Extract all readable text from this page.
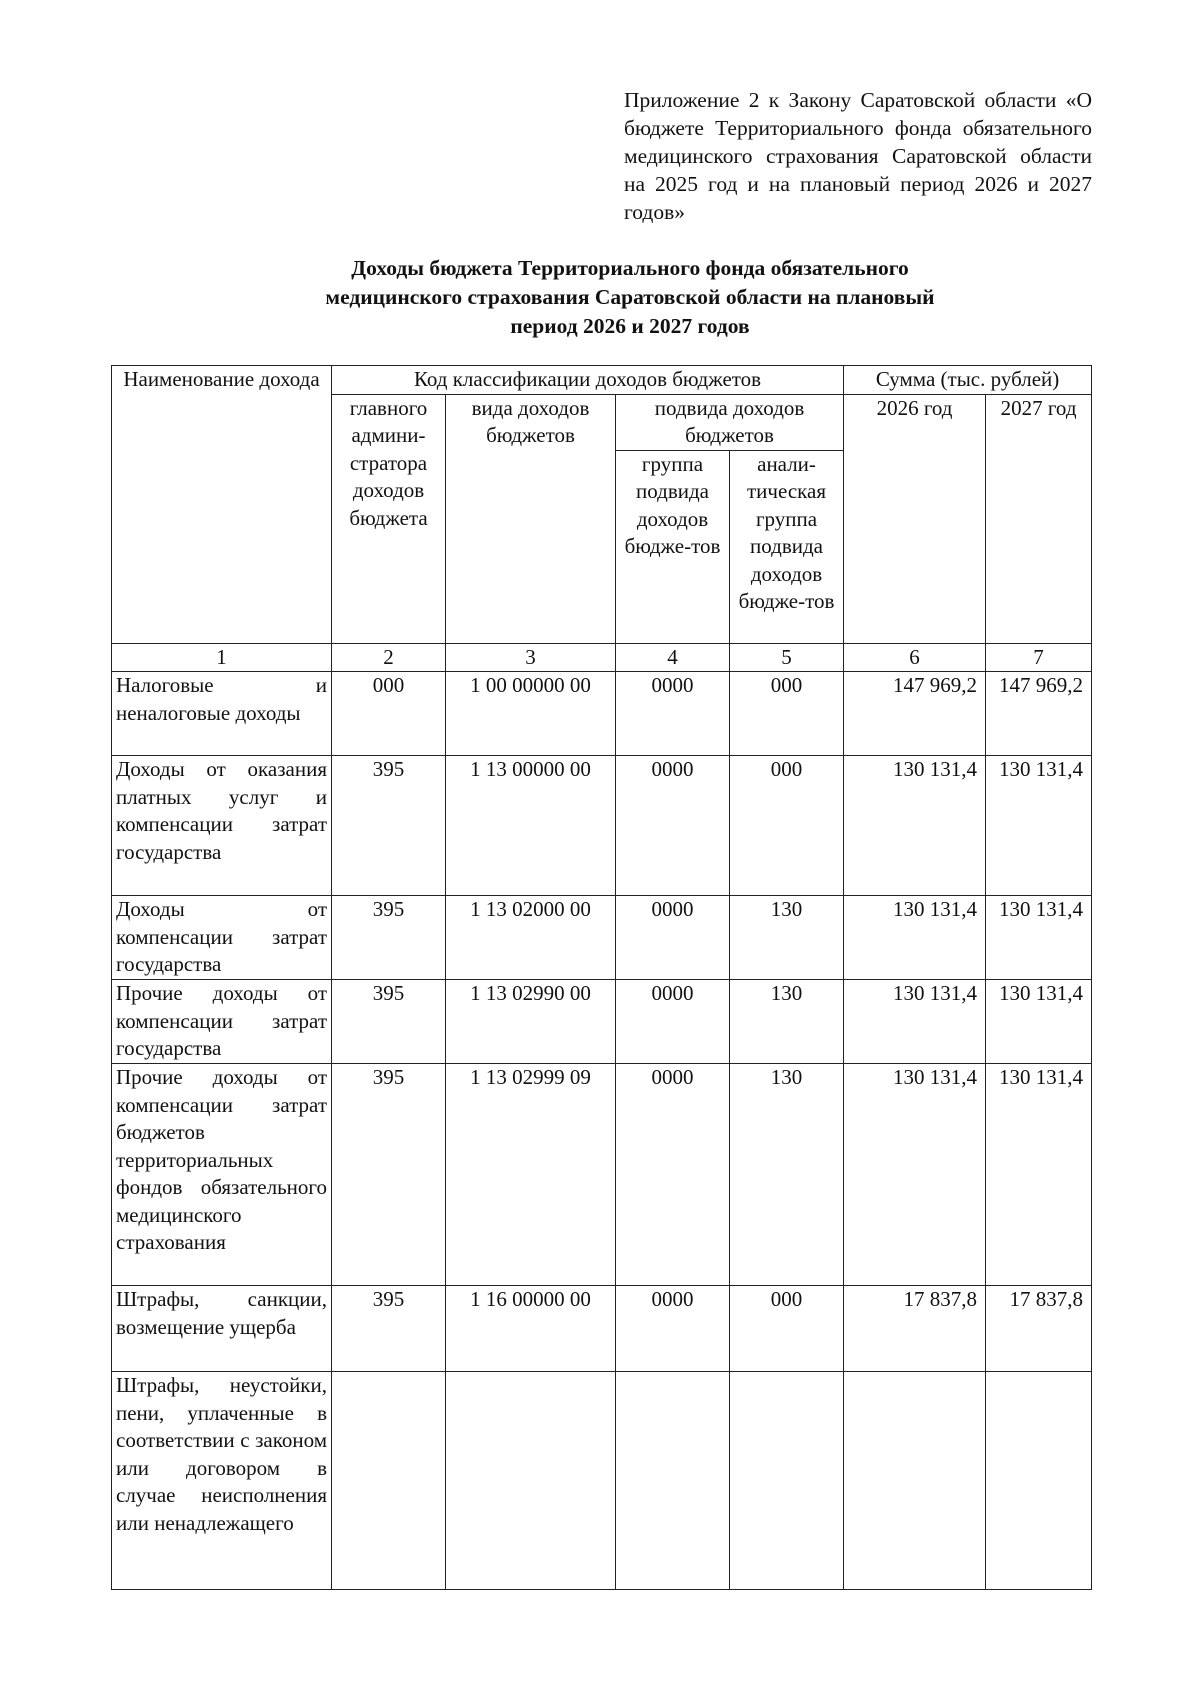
Приложение 2 к Закону Саратовской области «О бюджете Территориального фонда обязательного медицинского страхования Саратовской области на 2025 год и на плановый период 2026 и 2027 годов»
Доходы бюджета Территориального фонда обязательного
медицинского страхования Саратовской области на плановый
период 2026 и 2027 годов
Наименование дохода	Код классификации доходов бюджетов				Сумма (тыс. рублей)	
	главного админи-стратора доходов бюджета	вида доходов бюджетов	подвида доходов бюджетов		2026 год	2027 год
			группа подвида доходов бюдже-тов	анали-тическая группа подвида доходов бюдже-тов		
1	2	3	4	5	6	7
Налоговые и неналоговые доходы	000	1 00 00000 00	0000	000	147 969,2	147 969,2
Доходы от оказания платных услуг и компенсации затрат государства	395	1 13 00000 00	0000	000	130 131,4	130 131,4
Доходы от компенсации затрат государства	395	1 13 02000 00	0000	130	130 131,4	130 131,4
Прочие доходы от компенсации затрат государства	395	1 13 02990 00	0000	130	130 131,4	130 131,4
Прочие доходы от компенсации затрат бюджетов территориальных фондов обязательного медицинского страхования	395	1 13 02999 09	0000	130	130 131,4	130 131,4
Штрафы, санкции, возмещение ущерба	395	1 16 00000 00	0000	000	17 837,8	17 837,8
Штрафы, неустойки, пени, уплаченные в соответствии с законом или договором в случае неисполнения или ненадлежащего						
